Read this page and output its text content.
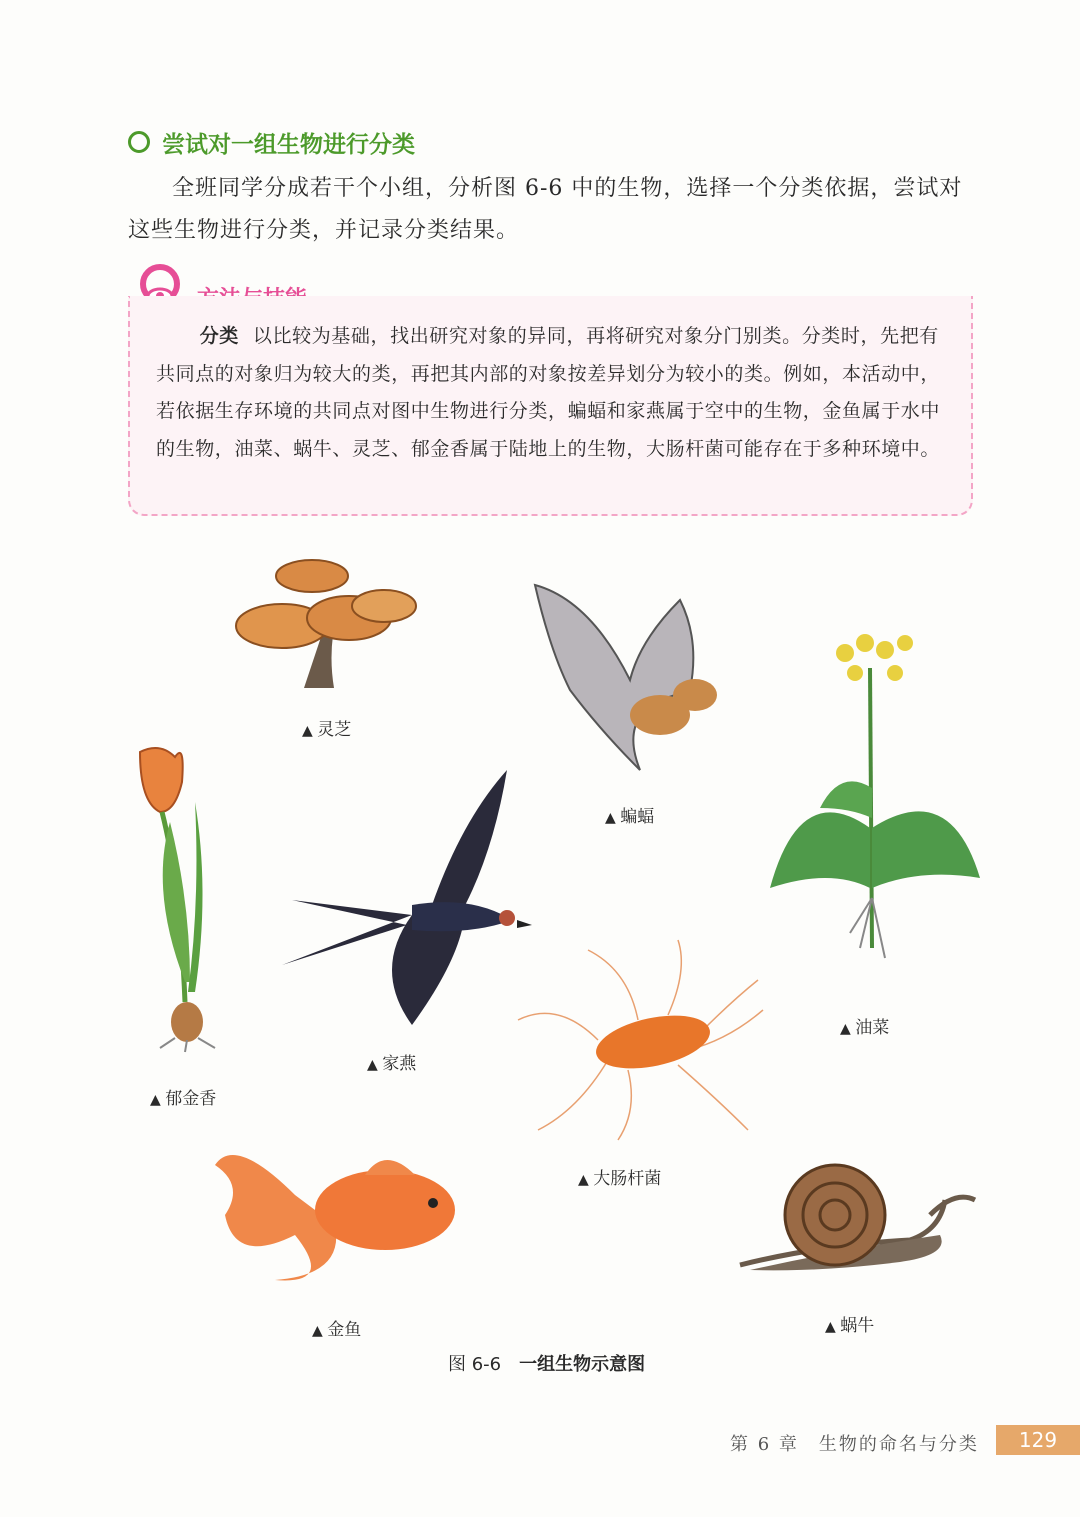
尝试对一组生物进行分类

全班同学分成若干个小组，分析图 6-6 中的生物，选择一个分类依据，尝试对这些生物进行分类，并记录分类结果。

分类 以比较为基础，找出研究对象的异同，再将研究对象分门别类。分类时，先把有共同点的对象归为较大的类，再把其内部的对象按差异划分为较小的类。例如，本活动中，若依据生存环境的共同点对图中生物进行分类，蝙蝠和家燕属于空中的生物，金鱼属于水中的生物，油菜、蜗牛、灵芝、郁金香属于陆地上的生物，大肠杆菌可能存在于多种环境中。

▲ 灵芝
▲ 蝙蝠
▲ 油菜
▲ 郁金香
▲ 家燕
▲ 大肠杆菌
▲ 金鱼	▲ 蜗牛
图 6-6 一组生物示意图
第 6 章　生物的命名与分类	129
